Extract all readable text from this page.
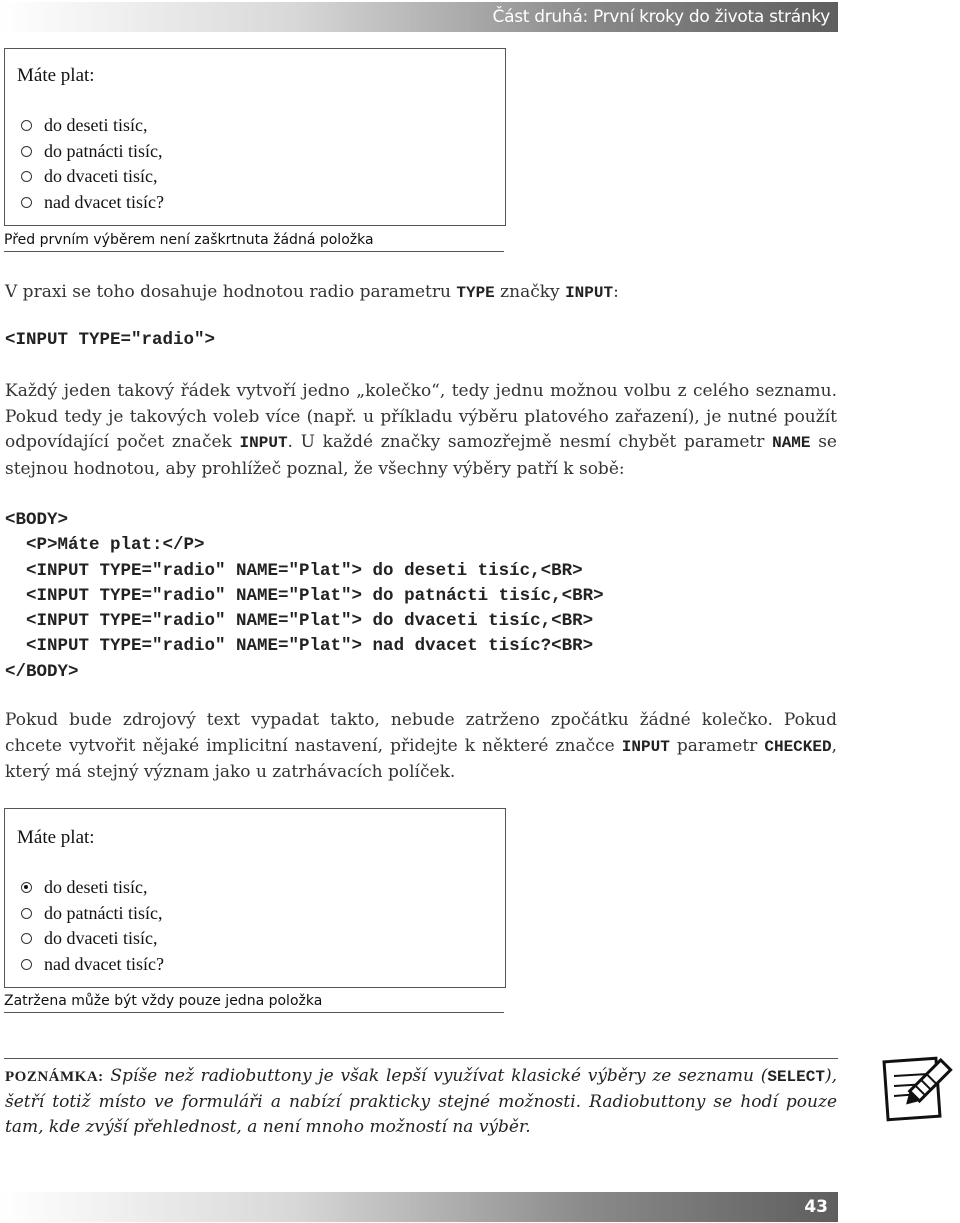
Část druhá: První kroky do života stránky
Máte plat:
do deseti tisíc,
do patnácti tisíc,
do dvaceti tisíc,
nad dvacet tisíc?
Před prvním výběrem není zaškrtnuta žádná položka

V praxi se toho dosahuje hodnotou radio parametru TYPE značky INPUT:

<INPUT TYPE="radio">

Každý jeden takový řádek vytvoří jedno „kolečko“, tedy jednu možnou volbu z celého seznamu. Pokud tedy je takových voleb více (např. u příkladu výběru platového zařazení), je nutné použít odpovídající počet značek INPUT. U každé značky samozřejmě nesmí chybět parametr NAME se stejnou hodnotou, aby prohlížeč poznal, že všechny výběry patří k sobě:

<BODY>
<P>Máte plat:</P>
<INPUT TYPE="radio" NAME="Plat"> do deseti tisíc,<BR>
<INPUT TYPE="radio" NAME="Plat"> do patnácti tisíc,<BR>
<INPUT TYPE="radio" NAME="Plat"> do dvaceti tisíc,<BR>
<INPUT TYPE="radio" NAME="Plat"> nad dvacet tisíc?<BR>
</BODY>

Pokud bude zdrojový text vypadat takto, nebude zatrženo zpočátku žádné kolečko. Pokud chcete vytvořit nějaké implicitní nastavení, přidejte k některé značce INPUT parametr CHECKED, který má stejný význam jako u zatrhávacích políček.

Máte plat:
do deseti tisíc,
do patnácti tisíc,
do dvaceti tisíc,
nad dvacet tisíc?
Zatržena může být vždy pouze jedna položka

POZNÁMKA: Spíše než radiobuttony je však lepší využívat klasické výběry ze seznamu (SELECT), šetří totiž místo ve formuláři a nabízí prakticky stejné možnosti. Radiobuttony se hodí pouze tam, kde zvýší přehlednost, a není mnoho možností na výběr.

43
